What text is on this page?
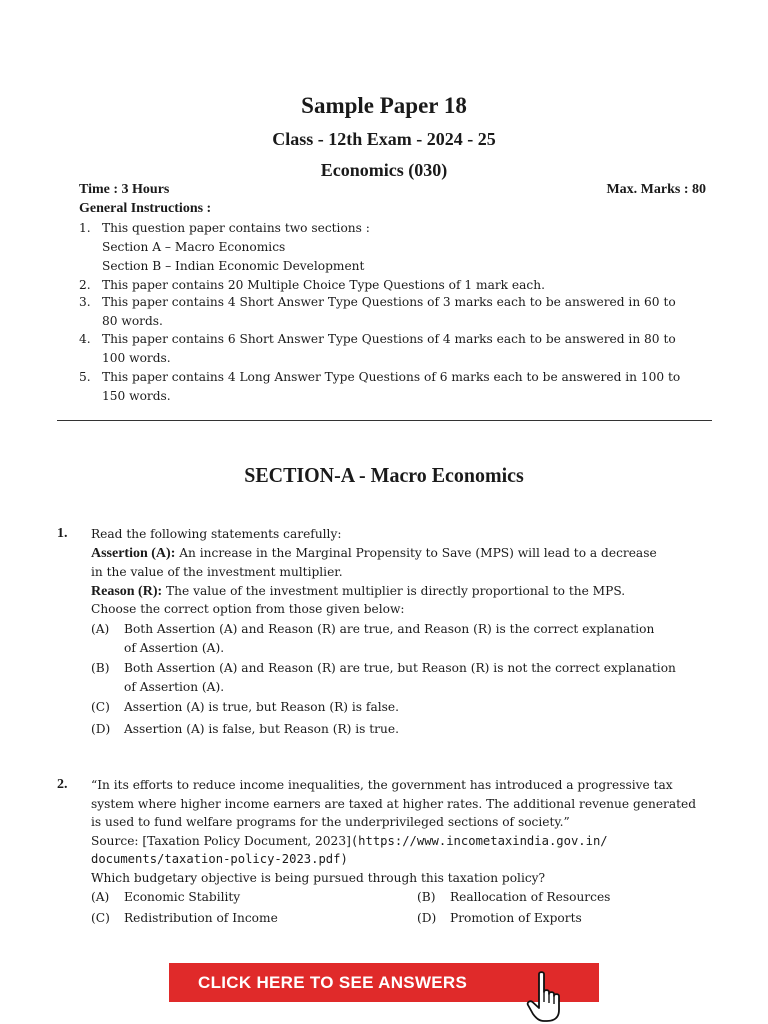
Sample Paper 18
Class - 12th Exam - 2024 - 25
Economics (030)
Time : 3 Hours	Max. Marks : 80
General Instructions :
1. This question paper contains two sections :
Section A – Macro Economics
Section B – Indian Economic Development
2. This paper contains 20 Multiple Choice Type Questions of 1 mark each.
3. This paper contains 4 Short Answer Type Questions of 3 marks each to be answered in 60 to
80 words.
4. This paper contains 6 Short Answer Type Questions of 4 marks each to be answered in 80 to
100 words.
5. This paper contains 4 Long Answer Type Questions of 6 marks each to be answered in 100 to
150 words.
SECTION-A - Macro Economics
1. Read the following statements carefully:
Assertion (A): An increase in the Marginal Propensity to Save (MPS) will lead to a decrease
in the value of the investment multiplier.
Reason (R): The value of the investment multiplier is directly proportional to the MPS.
Choose the correct option from those given below:
(A) Both Assertion (A) and Reason (R) are true, and Reason (R) is the correct explanation
of Assertion (A).
(B) Both Assertion (A) and Reason (R) are true, but Reason (R) is not the correct explanation
of Assertion (A).
(C) Assertion (A) is true, but Reason (R) is false.
(D) Assertion (A) is false, but Reason (R) is true.
2. “In its efforts to reduce income inequalities, the government has introduced a progressive tax
system where higher income earners are taxed at higher rates. The additional revenue generated
is used to fund welfare programs for the underprivileged sections of society.”
Source: [Taxation Policy Document, 2023](https://www.incometaxindia.gov.in/
documents/taxation-policy-2023.pdf)
Which budgetary objective is being pursued through this taxation policy?
(A) Economic Stability	(B) Reallocation of Resources
(C) Redistribution of Income	(D) Promotion of Exports
CLICK HERE TO SEE ANSWERS
